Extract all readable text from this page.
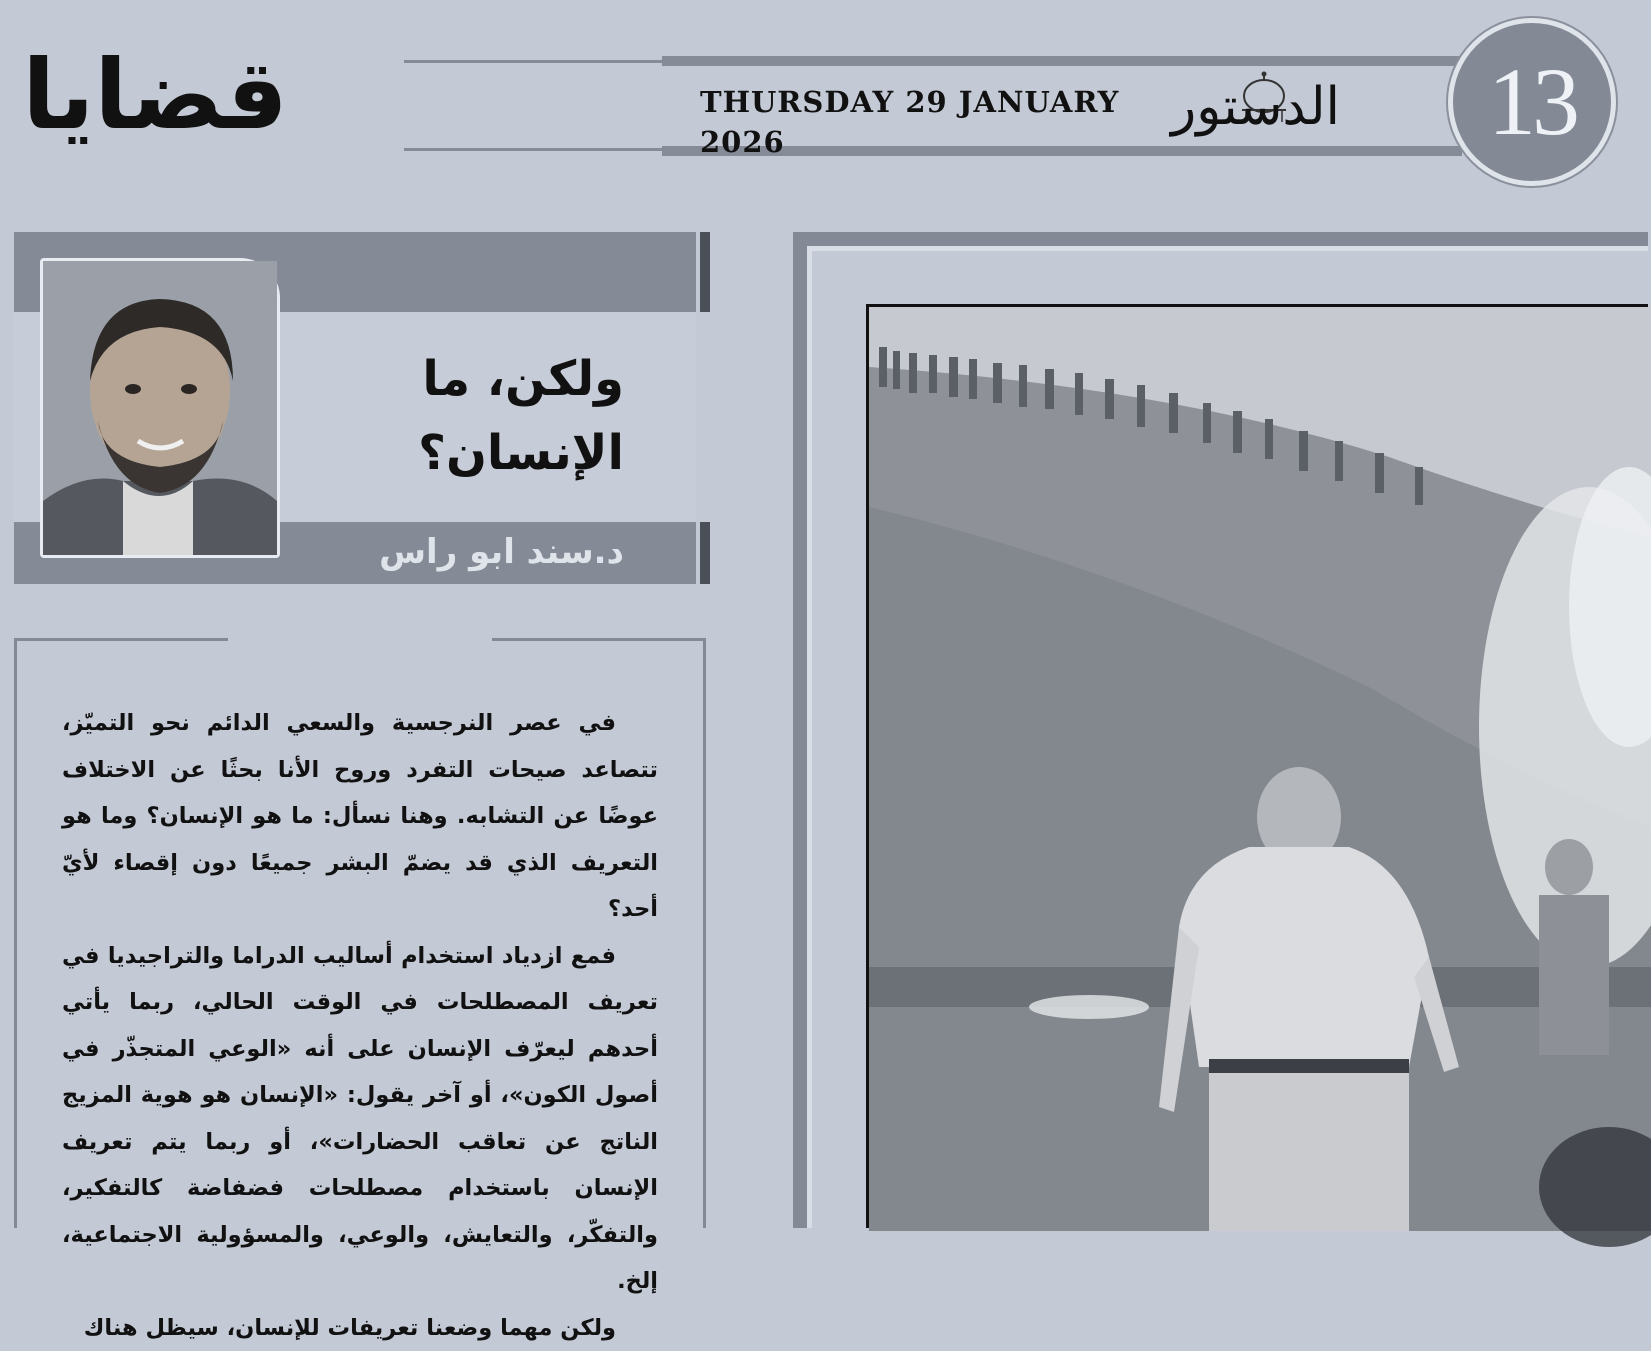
قضايا	THURSDAY 29 JANUARY 2026
الدستور	13
ولكن، ما
الإنسان؟
د.سند ابو راس

في عصر النرجسية والسعي الدائم نحو التميّز، تتصاعد صيحات التفرد وروح الأنا بحثًا عن الاختلاف عوضًا عن التشابه. وهنا نسأل: ما هو الإنسان؟ وما هو التعريف الذي قد يضمّ البشر جميعًا دون إقصاء لأيّ أحد؟

فمع ازدياد استخدام أساليب الدراما والتراجيديا في تعريف المصطلحات في الوقت الحالي، ربما يأتي أحدهم ليعرّف الإنسان على أنه «الوعي المتجذّر في أصول الكون»، أو آخر يقول: «الإنسان هو هوية المزيج الناتج عن تعاقب الحضارات»، أو ربما يتم تعريف الإنسان باستخدام مصطلحات فضفاضة كالتفكير، والتفكّر، والتعايش، والوعي، والمسؤولية الاجتماعية، إلخ.

ولكن مهما وضعنا تعريفات للإنسان، سيظل هناك
